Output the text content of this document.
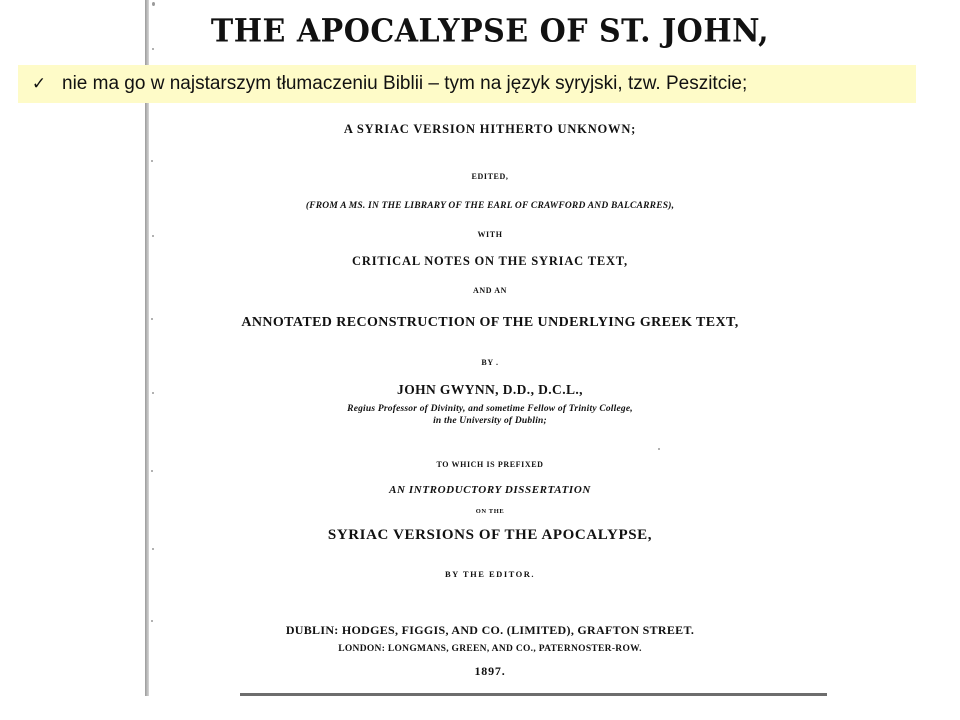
THE APOCALYPSE OF ST. JOHN,
A SYRIAC VERSION HITHERTO UNKNOWN;
EDITED,
(FROM A MS. IN THE LIBRARY OF THE EARL OF CRAWFORD AND BALCARRES),
WITH
CRITICAL NOTES ON THE SYRIAC TEXT,
AND AN
ANNOTATED RECONSTRUCTION OF THE UNDERLYING GREEK TEXT,
BY .
JOHN GWYNN, D.D., D.C.L.,
Regius Professor of Divinity, and sometime Fellow of Trinity College,
in the University of Dublin;
TO WHICH IS PREFIXED
AN INTRODUCTORY DISSERTATION
ON THE
SYRIAC VERSIONS OF THE APOCALYPSE,
BY THE EDITOR.
DUBLIN: HODGES, FIGGIS, AND CO. (LIMITED), GRAFTON STREET.
LONDON: LONGMANS, GREEN, AND CO., PATERNOSTER-ROW.
1897.
✓ nie ma go w najstarszym tłumaczeniu Biblii – tym na język syryjski, tzw. Peszitcie;
